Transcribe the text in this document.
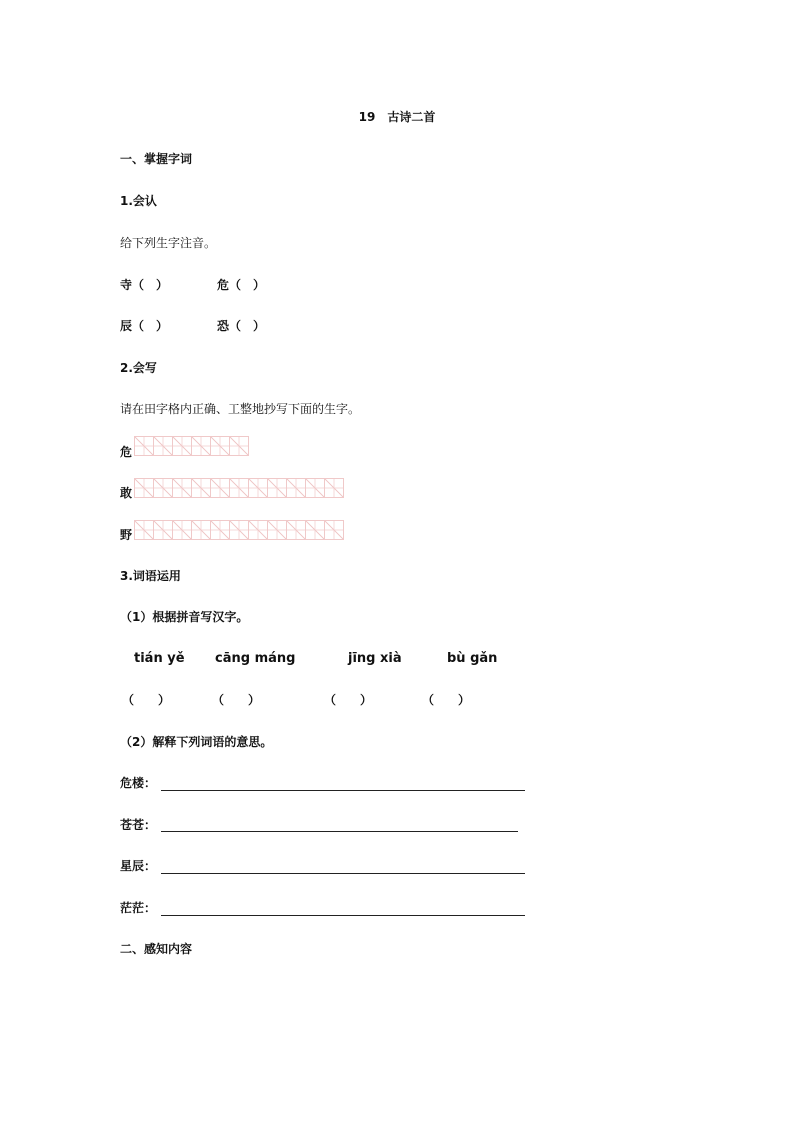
19　古诗二首
一、掌握字词
1.会认
给下列生字注音。
寺（　）	危（　）
辰（　）	恐（　）
2.会写
请在田字格内正确、工整地抄写下面的生字。
危
敢
野
3.词语运用
（1）根据拼音写汉字。
tián yě cāng máng	jīng xià	bù gǎn
（　　）	（　　）	（　　）	（　　）
（2）解释下列词语的意思。
危楼：
苍苍：
星辰：
茫茫：
二、感知内容
